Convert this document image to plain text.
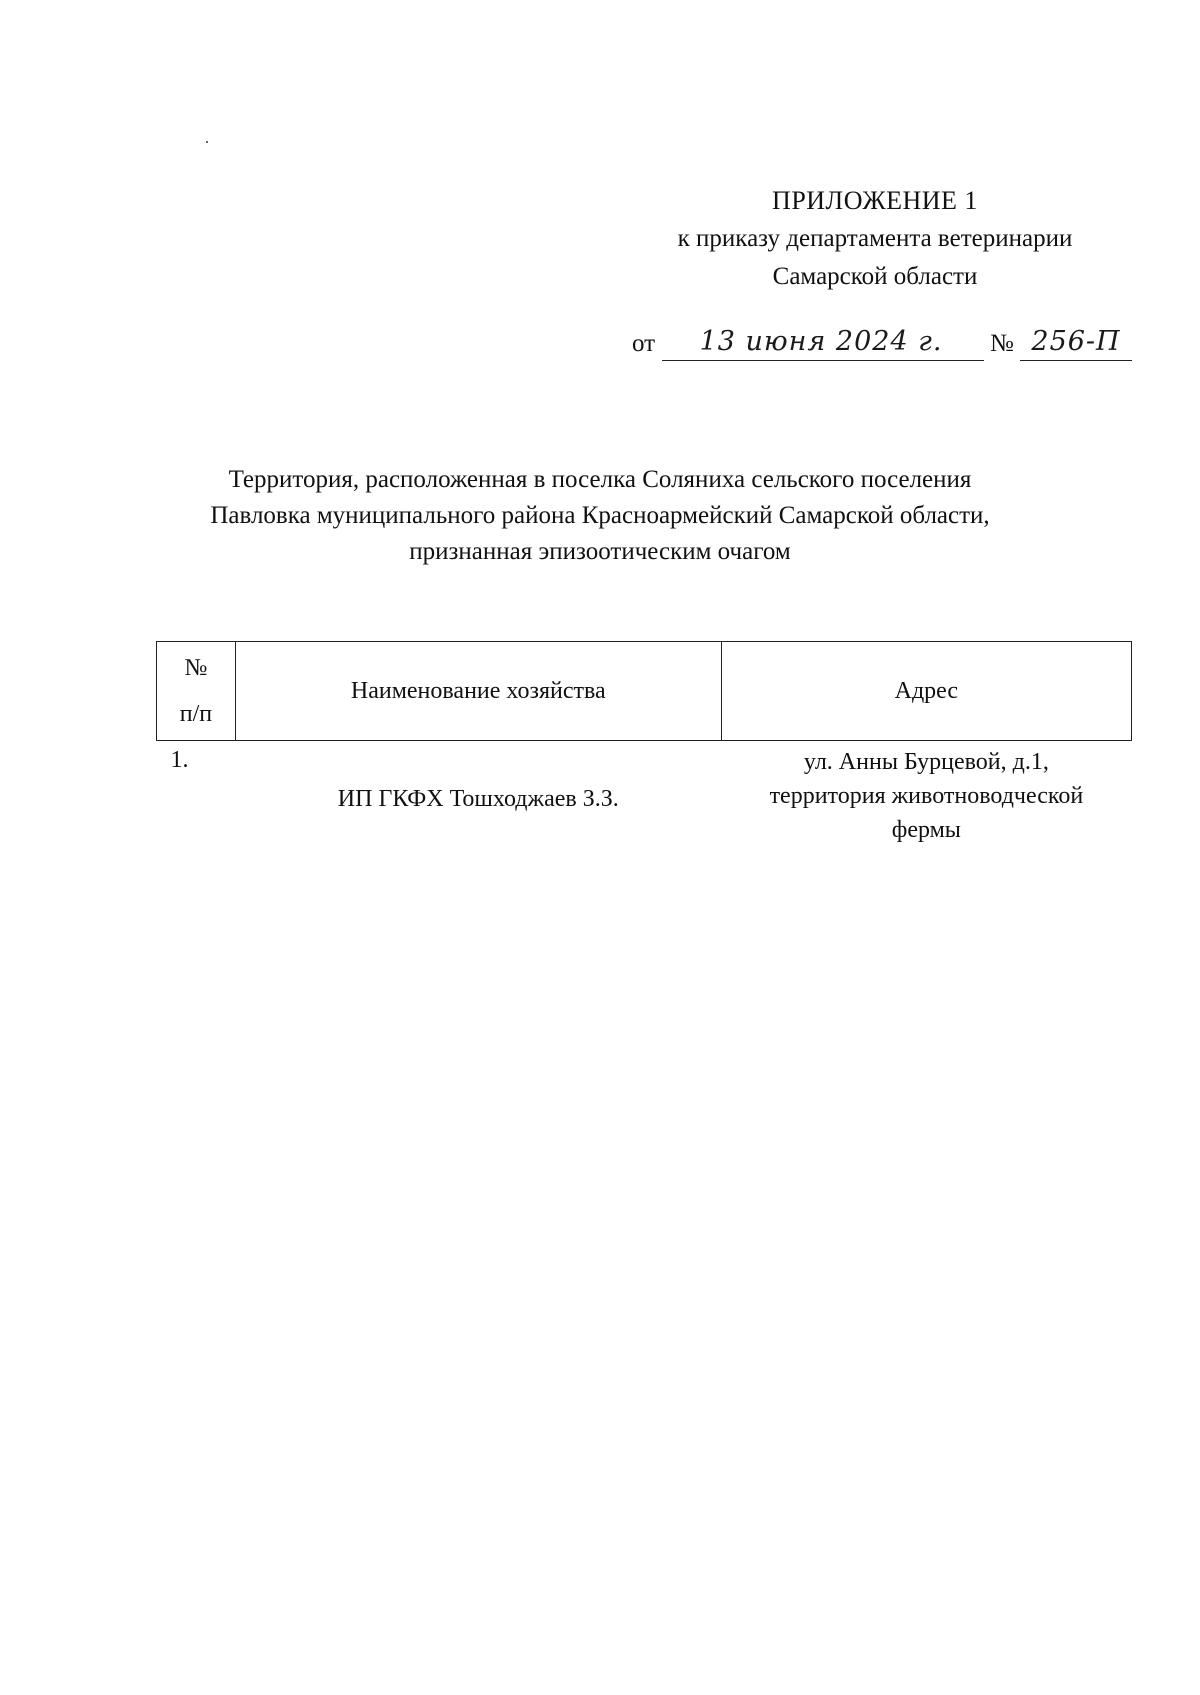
ПРИЛОЖЕНИЕ 1
к приказу департамента ветеринарии
Самарской области
от	13 июня 2024 г.	№ 256-П
Территория, расположенная в поселка Соляниха сельского поселения
Павловка муниципального района Красноармейский Самарской области,
признанная эпизоотическим очагом
№
п/п	Наименование хозяйства	Адрес
1.	ИП ГКФХ Тошходжаев З.З.	ул. Анны Бурцевой, д.1,
территория животноводческой
фермы
